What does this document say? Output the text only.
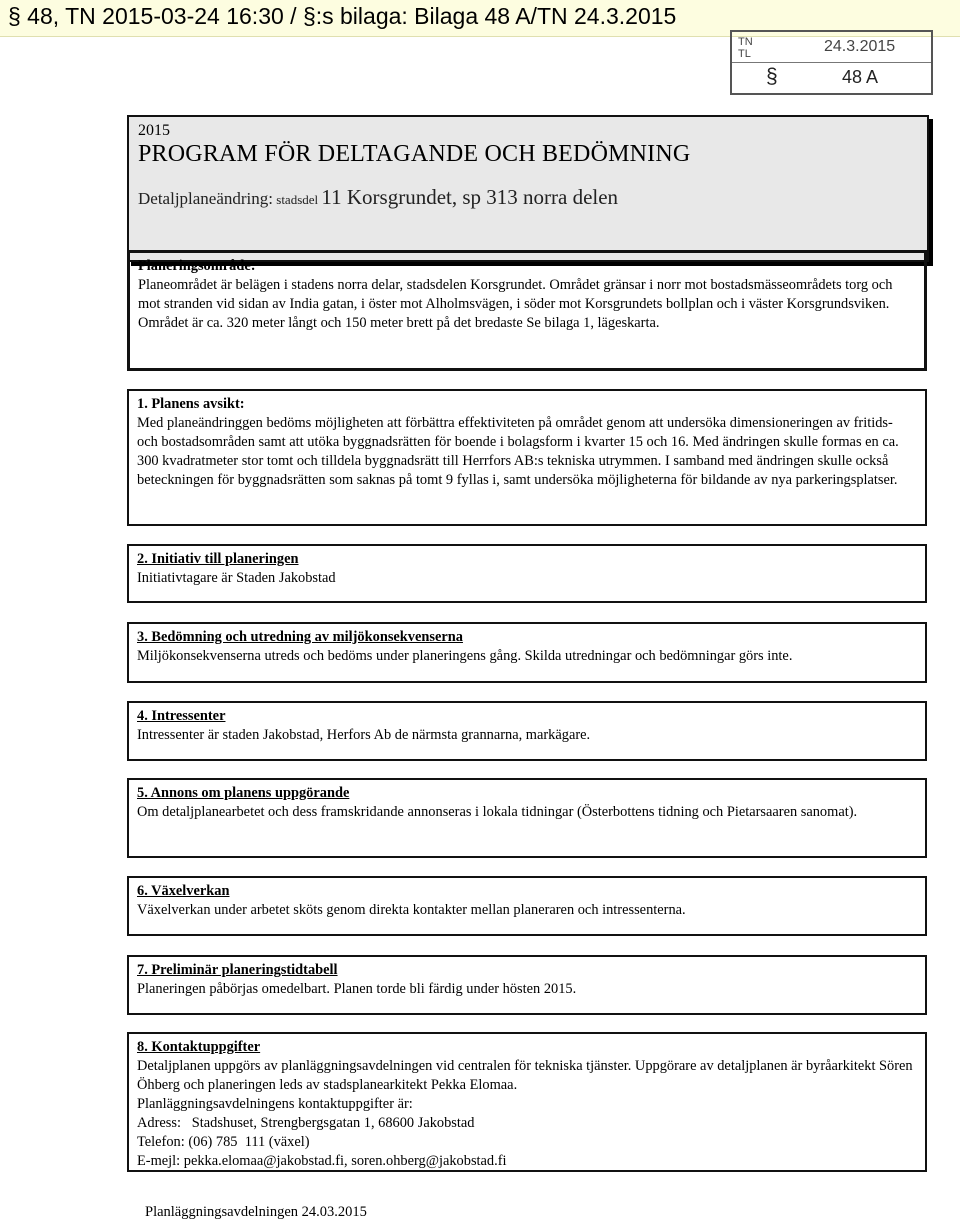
§ 48, TN 2015-03-24 16:30 / §:s bilaga: Bilaga 48 A/TN 24.3.2015
TN
TL	24.3.2015
§	48 A
2015
PROGRAM FÖR DELTAGANDE OCH BEDÖMNING
Detaljplaneändring: stadsdel 11 Korsgrundet, sp 313 norra delen
Planeringsområde:
Planeområdet är belägen i stadens norra delar, stadsdelen Korsgrundet. Området gränsar i norr mot bostadsmässeområdets torg och mot stranden vid sidan av India gatan, i öster mot Alholmsvägen, i söder mot Korsgrundets bollplan och i väster Korsgrundsviken. Området är ca. 320 meter långt och 150 meter brett på det bredaste Se bilaga 1, lägeskarta.
1. Planens avsikt:
Med planeändringgen bedöms möjligheten att förbättra effektiviteten på området genom att undersöka dimensioneringen av fritids- och bostadsområden samt att utöka byggnadsrätten för boende i bolagsform i kvarter 15 och 16. Med ändringen skulle formas en ca. 300 kvadratmeter stor tomt och tilldela byggnadsrätt till Herrfors AB:s tekniska utrymmen. I samband med ändringen skulle också beteckningen för byggnadsrätten som saknas på tomt 9 fyllas i, samt undersöka möjligheterna för bildande av nya parkeringsplatser.
2. Initiativ till planeringen
Initiativtagare är Staden Jakobstad
3. Bedömning och utredning av miljökonsekvenserna
Miljökonsekvenserna utreds och bedöms under planeringens gång. Skilda utredningar och bedömningar görs inte.
4. Intressenter
Intressenter är staden Jakobstad, Herfors Ab de närmsta grannarna, markägare.
5. Annons om planens uppgörande
Om detaljplanearbetet och dess framskridande annonseras i lokala tidningar (Österbottens tidning och Pietarsaaren sanomat).
6. Växelverkan
Växelverkan under arbetet sköts genom direkta kontakter mellan planeraren och intressenterna.
7. Preliminär planeringstidtabell
Planeringen påbörjas omedelbart. Planen torde bli färdig under hösten 2015.
8. Kontaktuppgifter
Detaljplanen uppgörs av planläggningsavdelningen vid centralen för tekniska tjänster. Uppgörare av detaljplanen är byråarkitekt Sören Öhberg och planeringen leds av stadsplanearkitekt Pekka Elomaa.
Planläggningsavdelningens kontaktuppgifter är:
Adress:   Stadshuset, Strengbergsgatan 1, 68600 Jakobstad
Telefon: (06) 785  111 (växel)
E-mejl: pekka.elomaa@jakobstad.fi, soren.ohberg@jakobstad.fi
Planläggningsavdelningen 24.03.2015
